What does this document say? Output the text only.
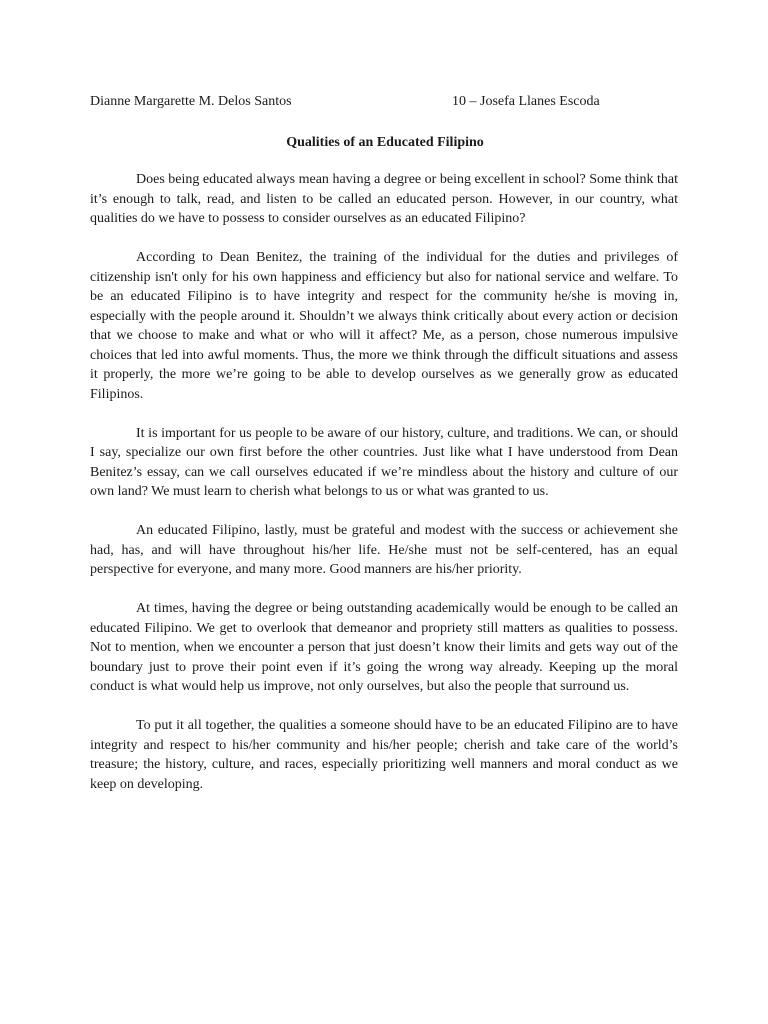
Dianne Margarette M. Delos Santos	10 – Josefa Llanes Escoda
Qualities of an Educated Filipino

Does being educated always mean having a degree or being excellent in school? Some think that it’s enough to talk, read, and listen to be called an educated person. However, in our country, what qualities do we have to possess to consider ourselves as an educated Filipino?

According to Dean Benitez, the training of the individual for the duties and privileges of citizenship isn't only for his own happiness and efficiency but also for national service and welfare. To be an educated Filipino is to have integrity and respect for the community he/she is moving in, especially with the people around it. Shouldn’t we always think critically about every action or decision that we choose to make and what or who will it affect? Me, as a person, chose numerous impulsive choices that led into awful moments. Thus, the more we think through the difficult situations and assess it properly, the more we’re going to be able to develop ourselves as we generally grow as educated Filipinos.

It is important for us people to be aware of our history, culture, and traditions. We can, or should I say, specialize our own first before the other countries. Just like what I have understood from Dean Benitez’s essay, can we call ourselves educated if we’re mindless about the history and culture of our own land? We must learn to cherish what belongs to us or what was granted to us.

An educated Filipino, lastly, must be grateful and modest with the success or achievement she had, has, and will have throughout his/her life. He/she must not be self-centered, has an equal perspective for everyone, and many more. Good manners are his/her priority.

At times, having the degree or being outstanding academically would be enough to be called an educated Filipino. We get to overlook that demeanor and propriety still matters as qualities to possess. Not to mention, when we encounter a person that just doesn’t know their limits and gets way out of the boundary just to prove their point even if it’s going the wrong way already. Keeping up the moral conduct is what would help us improve, not only ourselves, but also the people that surround us.

To put it all together, the qualities a someone should have to be an educated Filipino are to have integrity and respect to his/her community and his/her people; cherish and take care of the world’s treasure; the history, culture, and races, especially prioritizing well manners and moral conduct as we keep on developing.
